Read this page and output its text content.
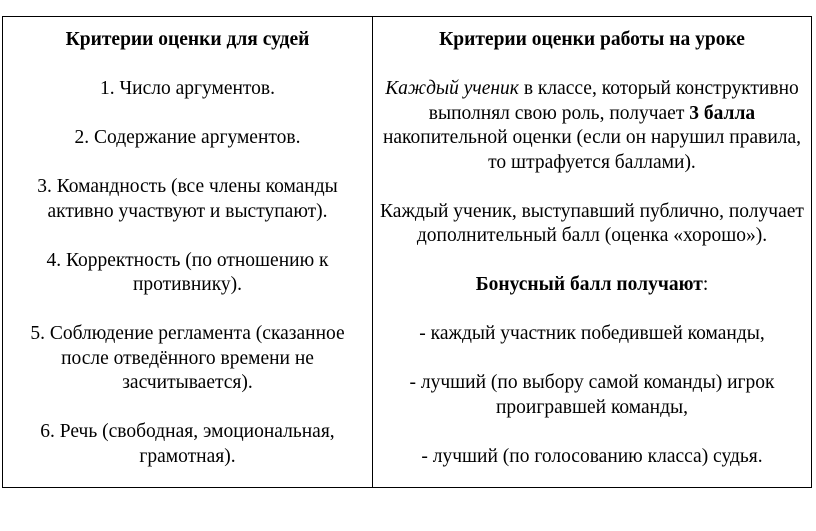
Критерии оценки для судей
1. Число аргументов.
2. Содержание аргументов.
3. Командность (все члены команды активно участвуют и выступают).
4. Корректность (по отношению к противнику).
5. Соблюдение регламента (сказанное после отведённого времени не засчитывается).
6. Речь (свободная, эмоциональная, грамотная).
Критерии оценки работы на уроке
Каждый ученик в классе, который конструктивно выполнял свою роль, получает 3 балла накопительной оценки (если он нарушил правила, то штрафуется баллами).
Каждый ученик, выступавший публично, получает дополнительный балл (оценка «хорошо»).
Бонусный балл получают:
- каждый участник победившей команды,
- лучший (по выбору самой команды) игрок проигравшей команды,
- лучший (по голосованию класса) судья.
